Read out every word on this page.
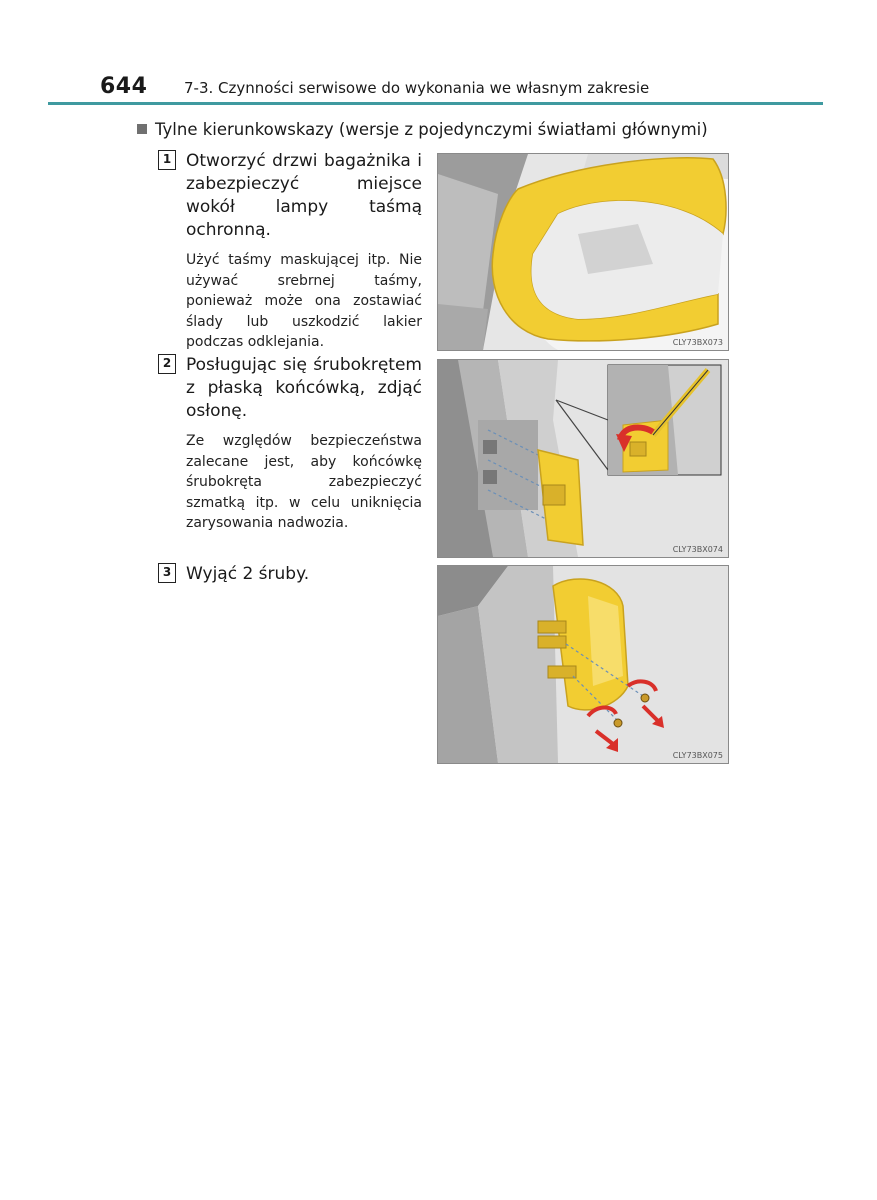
644 7-3. Czynności serwisowe do wykonania we własnym zakresie
Tylne kierunkowskazy (wersje z pojedynczymi światłami głównymi)
1 Otworzyć drzwi bagażnika i zabezpieczyć miejsce wokół lampy taśmą ochronną.
Użyć taśmy maskującej itp. Nie używać srebrnej taśmy, ponieważ może ona zostawiać ślady lub uszkodzić lakier podczas odklejania.
2 Posługując się śrubokrętem z płaską końcówką, zdjąć osłonę.
Ze względów bezpieczeństwa zalecane jest, aby końcówkę śrubokręta zabezpieczyć szmatką itp. w celu uniknięcia zarysowania nadwozia.
3 Wyjąć 2 śruby.
CLY73BX073
CLY73BX074
CLY73BX075
